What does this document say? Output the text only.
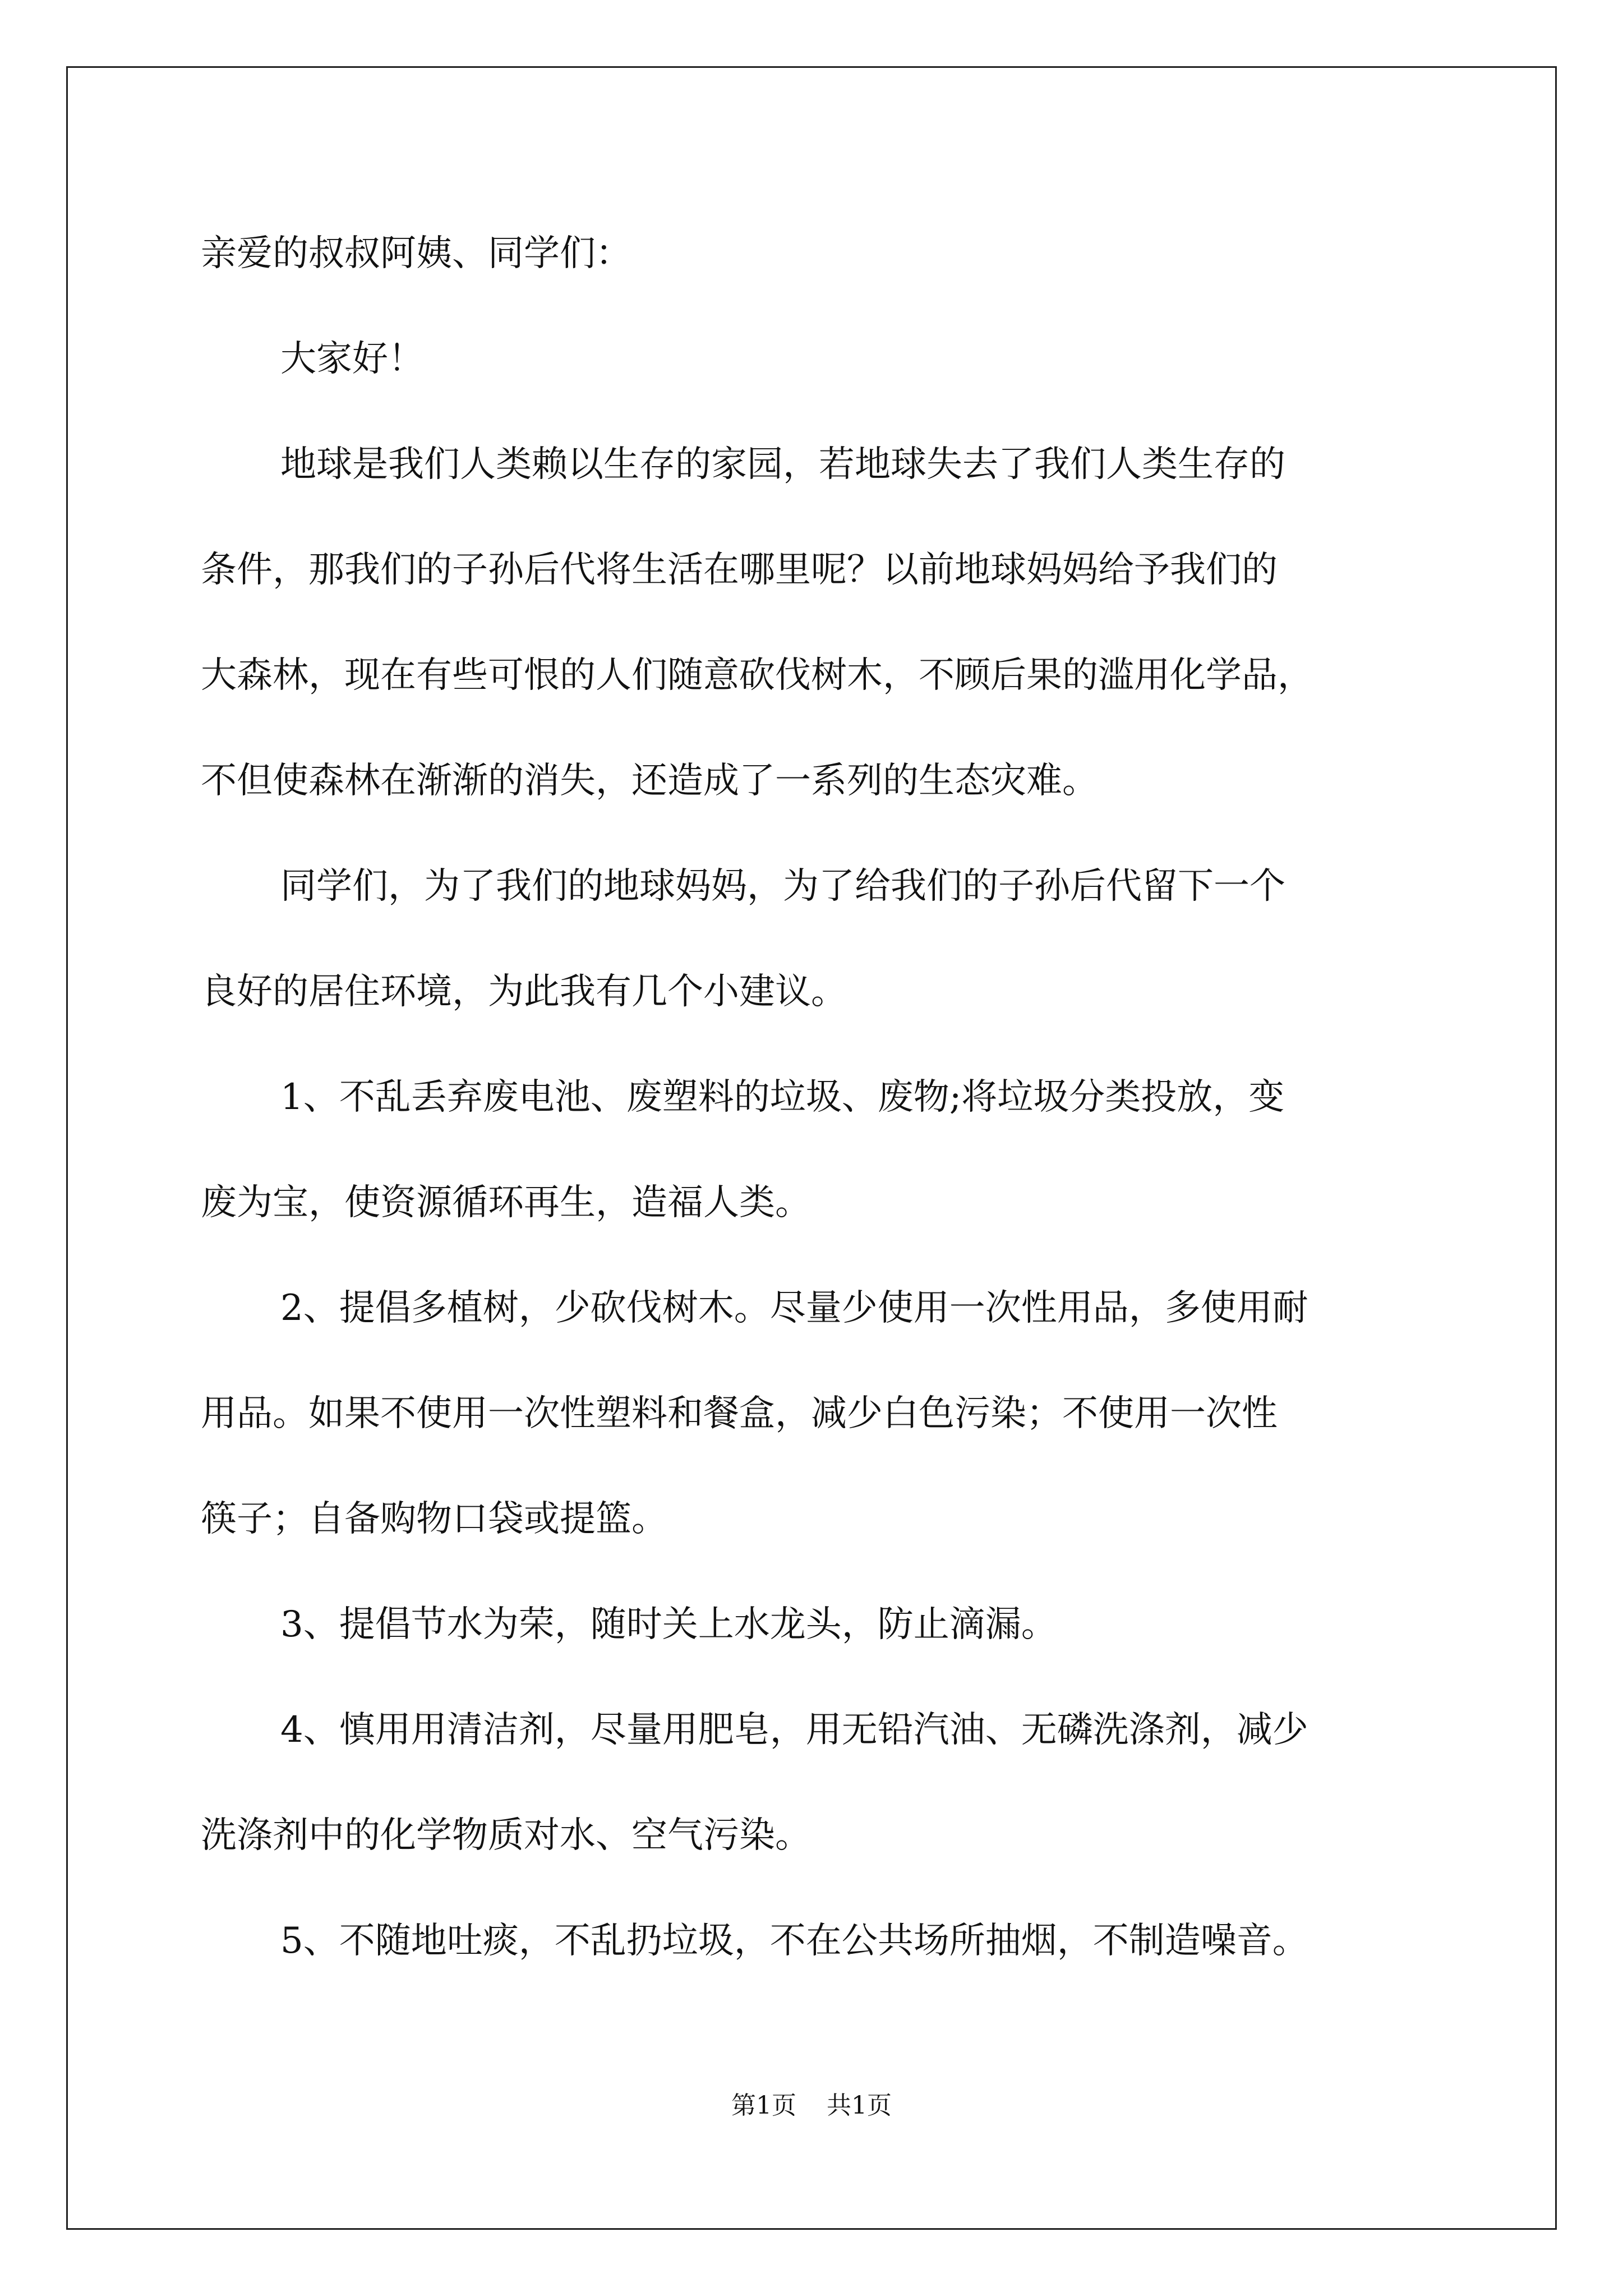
亲爱的叔叔阿姨、同学们：
大家好！
地球是我们人类赖以生存的家园，若地球失去了我们人类生存的
条件，那我们的子孙后代将生活在哪里呢？以前地球妈妈给予我们的
大森林，现在有些可恨的人们随意砍伐树木，不顾后果的滥用化学品，
不但使森林在渐渐的消失，还造成了一系列的生态灾难。
同学们，为了我们的地球妈妈，为了给我们的子孙后代留下一个
良好的居住环境，为此我有几个小建议。
1、不乱丢弃废电池、废塑料的垃圾、废物;将垃圾分类投放，变
废为宝，使资源循环再生，造福人类。
2、提倡多植树，少砍伐树木。尽量少使用一次性用品，多使用耐
用品。如果不使用一次性塑料和餐盒，减少白色污染；不使用一次性
筷子；自备购物口袋或提篮。
3、提倡节水为荣，随时关上水龙头，防止滴漏。
4、慎用用清洁剂，尽量用肥皂，用无铅汽油、无磷洗涤剂，减少
洗涤剂中的化学物质对水、空气污染。
5、不随地吐痰，不乱扔垃圾，不在公共场所抽烟，不制造噪音。
第1页 共1页
